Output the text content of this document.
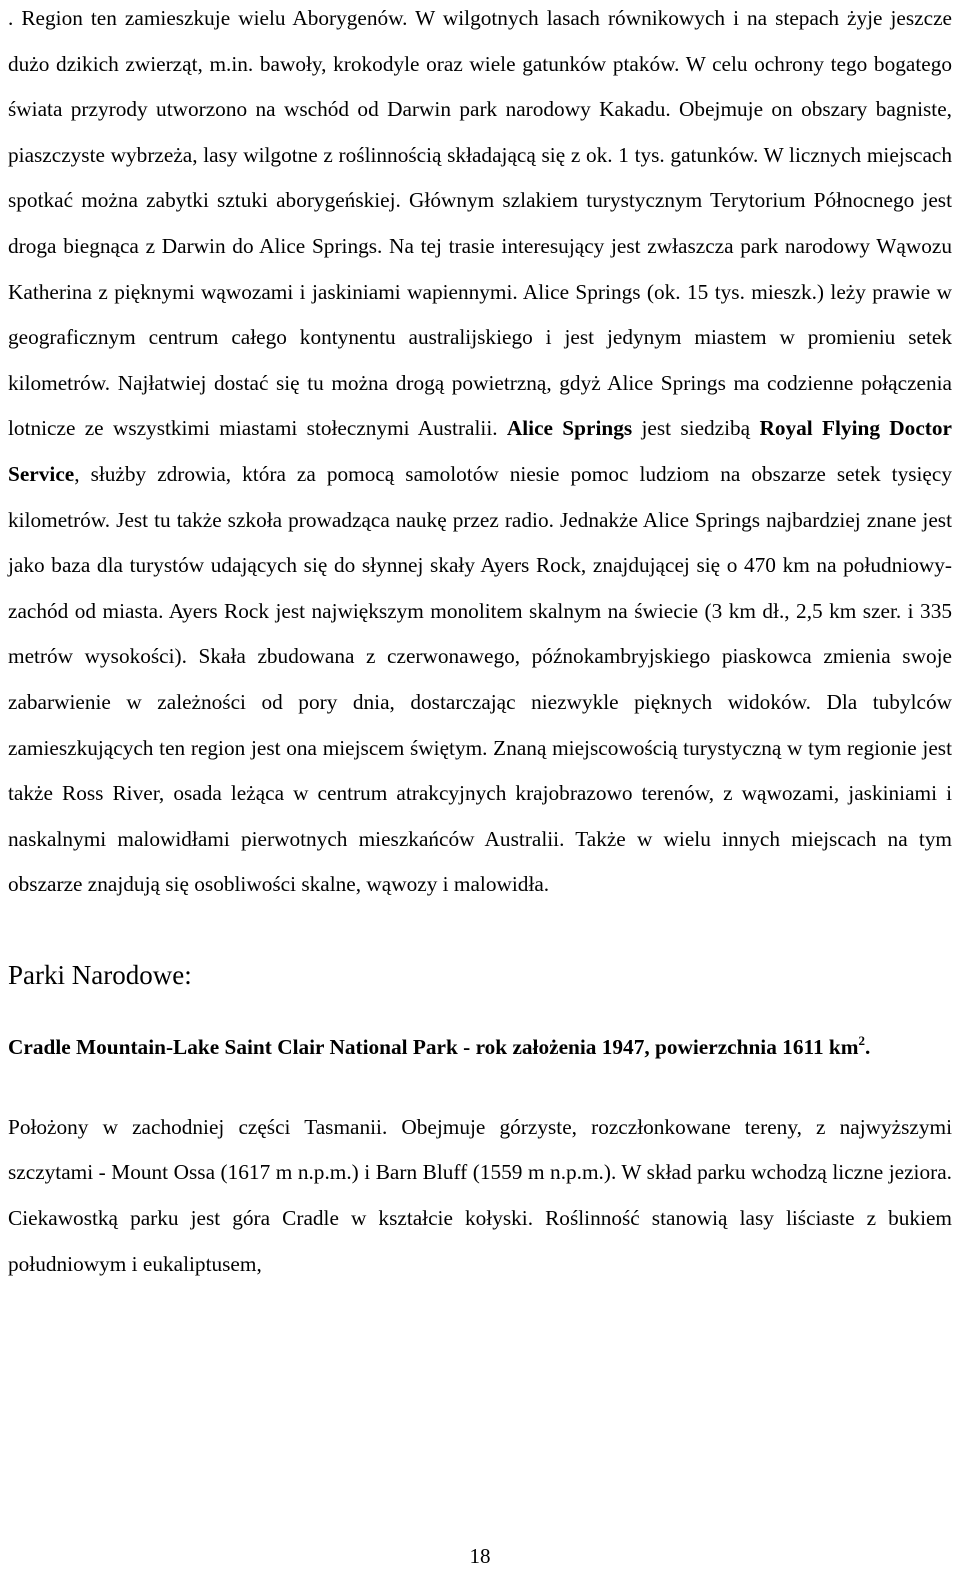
. Region ten zamieszkuje wielu Aborygenów. W wilgotnych lasach równikowych i na stepach żyje jeszcze dużo dzikich zwierząt, m.in. bawoły, krokodyle oraz wiele gatunków ptaków. W celu ochrony tego bogatego świata przyrody utworzono na wschód od Darwin park narodowy Kakadu. Obejmuje on obszary bagniste, piaszczyste wybrzeża, lasy wilgotne z roślinnością składającą się z ok. 1 tys. gatunków. W licznych miejscach spotkać można zabytki sztuki aborygeńskiej. Głównym szlakiem turystycznym Terytorium Północnego jest droga biegnąca z Darwin do Alice Springs. Na tej trasie interesujący jest zwłaszcza park narodowy Wąwozu Katherina z pięknymi wąwozami i jaskiniami wapiennymi. Alice Springs (ok. 15 tys. mieszk.) leży prawie w geograficznym centrum całego kontynentu australijskiego i jest jedynym miastem w promieniu setek kilometrów. Najłatwiej dostać się tu można drogą powietrzną, gdyż Alice Springs ma codzienne połączenia lotnicze ze wszystkimi miastami stołecznymi Australii. Alice Springs jest siedzibą Royal Flying Doctor Service, służby zdrowia, która za pomocą samolotów niesie pomoc ludziom na obszarze setek tysięcy kilometrów. Jest tu także szkoła prowadząca naukę przez radio. Jednakże Alice Springs najbardziej znane jest jako baza dla turystów udających się do słynnej skały Ayers Rock, znajdującej się o 470 km na południowy-zachód od miasta. Ayers Rock jest największym monolitem skalnym na świecie (3 km dł., 2,5 km szer. i 335 metrów wysokości). Skała zbudowana z czerwonawego, późnokambryjskiego piaskowca zmienia swoje zabarwienie w zależności od pory dnia, dostarczając niezwykle pięknych widoków. Dla tubylców zamieszkujących ten region jest ona miejscem świętym. Znaną miejscowością turystyczną w tym regionie jest także Ross River, osada leżąca w centrum atrakcyjnych krajobrazowo terenów, z wąwozami, jaskiniami i naskalnymi malowidłami pierwotnych mieszkańców Australii. Także w wielu innych miejscach na tym obszarze znajdują się osobliwości skalne, wąwozy i malowidła.

Parki Narodowe:

Cradle Mountain-Lake Saint Clair National Park - rok założenia 1947, powierzchnia 1611 $km^2$.

Położony w zachodniej części Tasmanii. Obejmuje górzyste, rozczłonkowane tereny, z najwyższymi szczytami - Mount Ossa (1617 m n.p.m.) i Barn Bluff (1559 m n.p.m.). W skład parku wchodzą liczne jeziora. Ciekawostką parku jest góra Cradle w kształcie kołyski. Roślinność stanowią lasy liściaste z bukiem południowym i eukaliptusem,

18
